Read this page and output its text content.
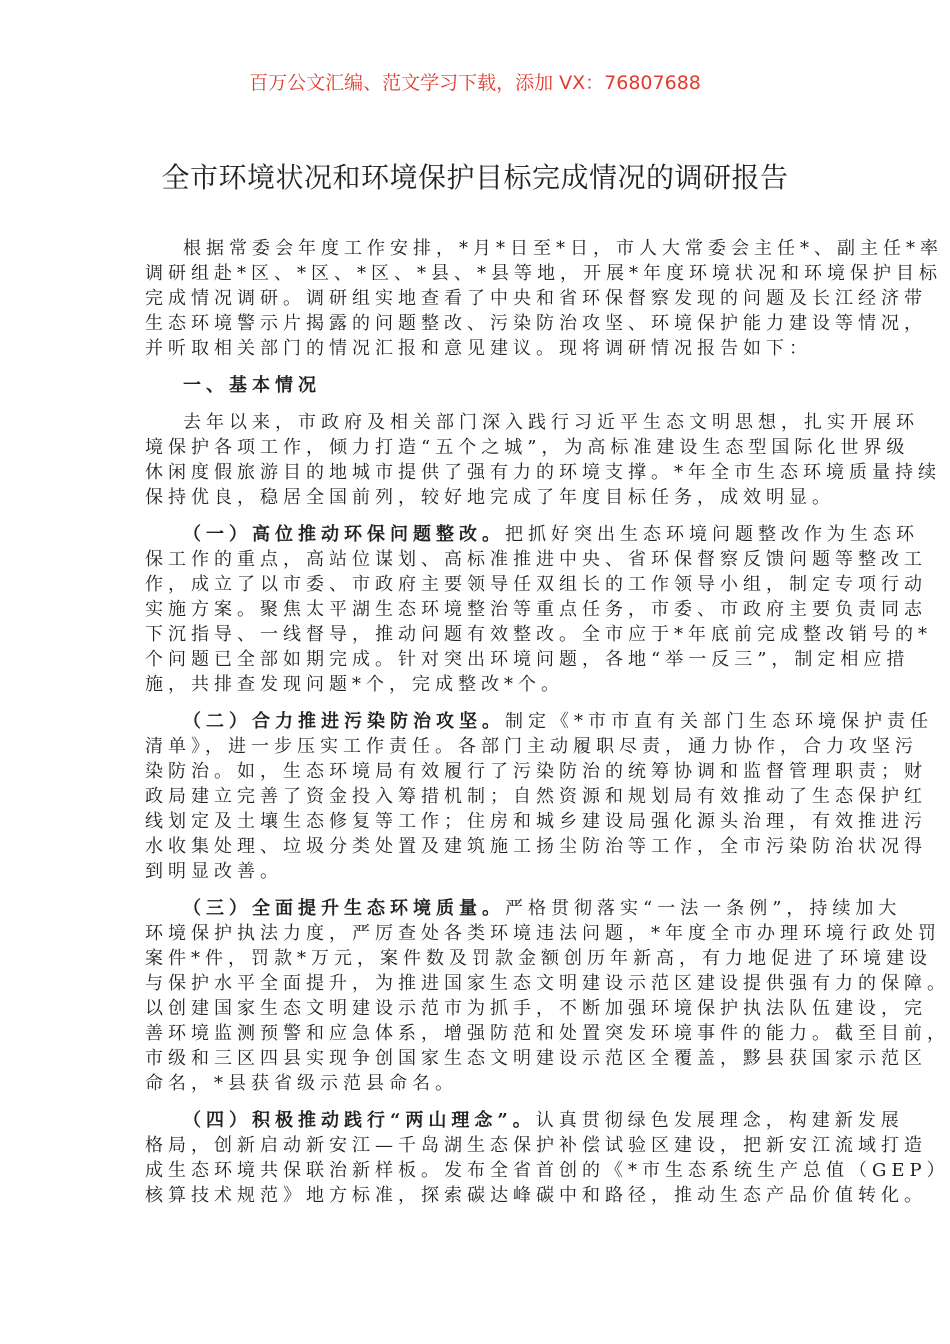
百万公文汇编、范文学习下载，添加 VX：76807688
全市环境状况和环境保护目标完成情况的调研报告
根据常委会年度工作安排，*月*日至*日，市人大常委会主任*、副主任*率
调研组赴*区、*区、*区、*县、*县等地，开展*年度环境状况和环境保护目标
完成情况调研。调研组实地查看了中央和省环保督察发现的问题及长江经济带
生态环境警示片揭露的问题整改、污染防治攻坚、环境保护能力建设等情况，
并听取相关部门的情况汇报和意见建议。现将调研情况报告如下：
一、基本情况
去年以来，市政府及相关部门深入践行习近平生态文明思想，扎实开展环
境保护各项工作，倾力打造“五个之城”，为高标准建设生态型国际化世界级
休闲度假旅游目的地城市提供了强有力的环境支撑。*年全市生态环境质量持续
保持优良，稳居全国前列，较好地完成了年度目标任务，成效明显。
（一）高位推动环保问题整改。把抓好突出生态环境问题整改作为生态环
保工作的重点，高站位谋划、高标准推进中央、省环保督察反馈问题等整改工
作，成立了以市委、市政府主要领导任双组长的工作领导小组，制定专项行动
实施方案。聚焦太平湖生态环境整治等重点任务，市委、市政府主要负责同志
下沉指导、一线督导，推动问题有效整改。全市应于*年底前完成整改销号的*
个问题已全部如期完成。针对突出环境问题，各地“举一反三”，制定相应措
施，共排查发现问题*个，完成整改*个。
（二）合力推进污染防治攻坚。制定《*市市直有关部门生态环境保护责任
清单》，进一步压实工作责任。各部门主动履职尽责，通力协作，合力攻坚污
染防治。如，生态环境局有效履行了污染防治的统筹协调和监督管理职责；财
政局建立完善了资金投入筹措机制；自然资源和规划局有效推动了生态保护红
线划定及土壤生态修复等工作；住房和城乡建设局强化源头治理，有效推进污
水收集处理、垃圾分类处置及建筑施工扬尘防治等工作，全市污染防治状况得
到明显改善。
（三）全面提升生态环境质量。严格贯彻落实“一法一条例”，持续加大
环境保护执法力度，严厉查处各类环境违法问题，*年度全市办理环境行政处罚
案件*件，罚款*万元，案件数及罚款金额创历年新高，有力地促进了环境建设
与保护水平全面提升，为推进国家生态文明建设示范区建设提供强有力的保障。
以创建国家生态文明建设示范市为抓手，不断加强环境保护执法队伍建设，完
善环境监测预警和应急体系，增强防范和处置突发环境事件的能力。截至目前，
市级和三区四县实现争创国家生态文明建设示范区全覆盖，黟县获国家示范区
命名，*县获省级示范县命名。
（四）积极推动践行“两山理念”。认真贯彻绿色发展理念，构建新发展
格局，创新启动新安江—千岛湖生态保护补偿试验区建设，把新安江流域打造
成生态环境共保联治新样板。发布全省首创的《*市生态系统生产总值（GEP）
核算技术规范》地方标准，探索碳达峰碳中和路径，推动生态产品价值转化。
